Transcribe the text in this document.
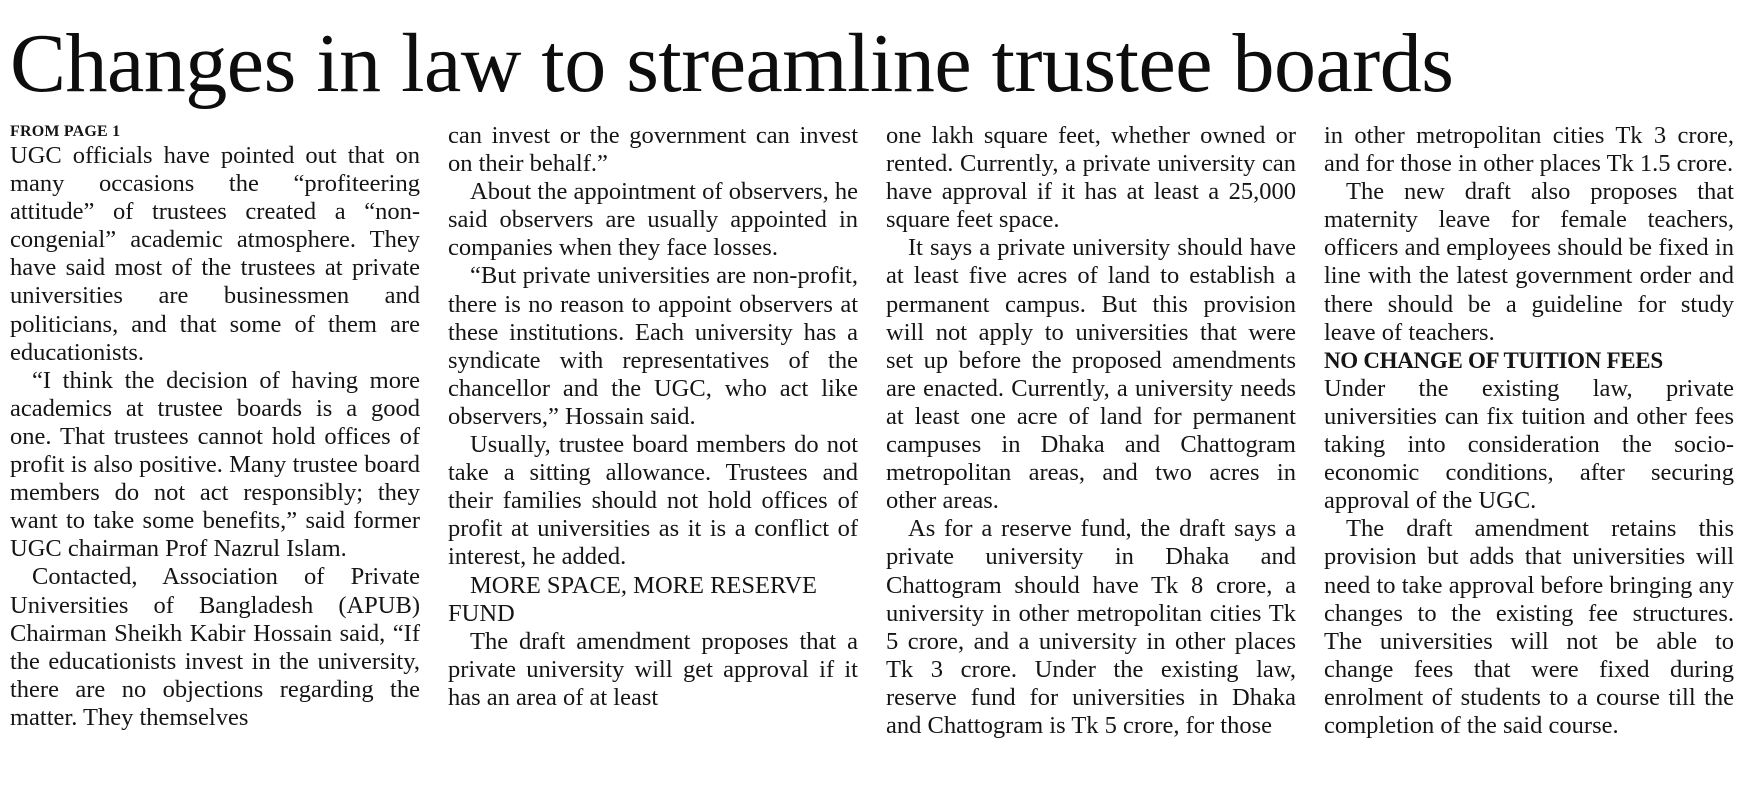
Changes in law to streamline trustee boards
FROM PAGE 1

UGC officials have pointed out that on many occasions the “profiteering attitude” of trustees created a “non-congenial” academic atmosphere. They have said most of the trustees at private universities are businessmen and politicians, and that some of them are educationists.

“I think the decision of having more academics at trustee boards is a good one. That trustees cannot hold offices of profit is also positive. Many trustee board members do not act responsibly; they want to take some benefits,” said former UGC chairman Prof Nazrul Islam.

Contacted, Association of Private Universities of Bangladesh (APUB) Chairman Sheikh Kabir Hossain said, “If the educationists invest in the university, there are no objections regarding the matter. They themselves

can invest or the government can invest on their behalf.”

About the appointment of observers, he said observers are usually appointed in companies when they face losses.

“But private universities are non-profit, there is no reason to appoint observers at these institutions. Each university has a syndicate with representatives of the chancellor and the UGC, who act like observers,” Hossain said.

Usually, trustee board members do not take a sitting allowance. Trustees and their families should not hold offices of profit at universities as it is a conflict of interest, he added.

MORE SPACE, MORE RESERVE FUND

The draft amendment proposes that a private university will get approval if it has an area of at least

one lakh square feet, whether owned or rented. Currently, a private university can have approval if it has at least a 25,000 square feet space.

It says a private university should have at least five acres of land to establish a permanent campus. But this provision will not apply to universities that were set up before the proposed amendments are enacted. Currently, a university needs at least one acre of land for permanent campuses in Dhaka and Chattogram metropolitan areas, and two acres in other areas.

As for a reserve fund, the draft says a private university in Dhaka and Chattogram should have Tk 8 crore, a university in other metropolitan cities Tk 5 crore, and a university in other places Tk 3 crore. Under the existing law, reserve fund for universities in Dhaka and Chattogram is Tk 5 crore, for those

in other metropolitan cities Tk 3 crore, and for those in other places Tk 1.5 crore.

The new draft also proposes that maternity leave for female teachers, officers and employees should be fixed in line with the latest government order and there should be a guideline for study leave of teachers.

NO CHANGE OF TUITION FEES

Under the existing law, private universities can fix tuition and other fees taking into consideration the socio-economic conditions, after securing approval of the UGC.

The draft amendment retains this provision but adds that universities will need to take approval before bringing any changes to the existing fee structures. The universities will not be able to change fees that were fixed during enrolment of students to a course till the completion of the said course.
